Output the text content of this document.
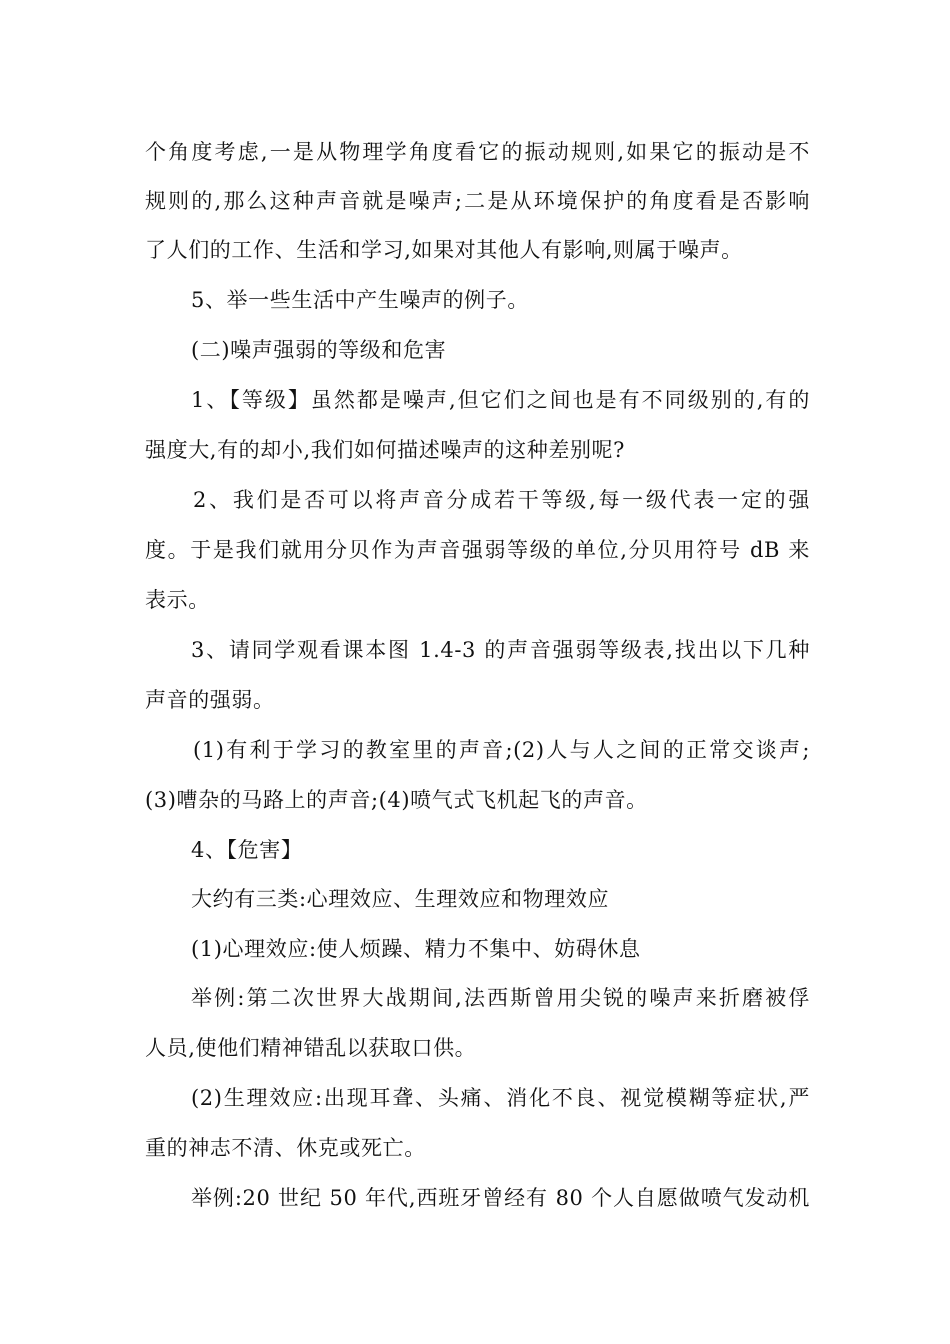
个角度考虑,一是从物理学角度看它的振动规则,如果它的振动是不
规则的,那么这种声音就是噪声;二是从环境保护的角度看是否影响
了人们的工作、生活和学习,如果对其他人有影响,则属于噪声。
5、举一些生活中产生噪声的例子。
(二)噪声强弱的等级和危害
1、【等级】虽然都是噪声,但它们之间也是有不同级别的,有的
强度大,有的却小,我们如何描述噪声的这种差别呢?
2、我们是否可以将声音分成若干等级,每一级代表一定的强
度。于是我们就用分贝作为声音强弱等级的单位,分贝用符号 dB 来
表示。
3、请同学观看课本图 1.4-3 的声音强弱等级表,找出以下几种
声音的强弱。
(1)有利于学习的教室里的声音;(2)人与人之间的正常交谈声;
(3)嘈杂的马路上的声音;(4)喷气式飞机起飞的声音。
4、【危害】
大约有三类:心理效应、生理效应和物理效应
(1)心理效应:使人烦躁、精力不集中、妨碍休息
举例:第二次世界大战期间,法西斯曾用尖锐的噪声来折磨被俘
人员,使他们精神错乱以获取口供。
(2)生理效应:出现耳聋、头痛、消化不良、视觉模糊等症状,严
重的神志不清、休克或死亡。
举例:20 世纪 50 年代,西班牙曾经有 80 个人自愿做喷气发动机
